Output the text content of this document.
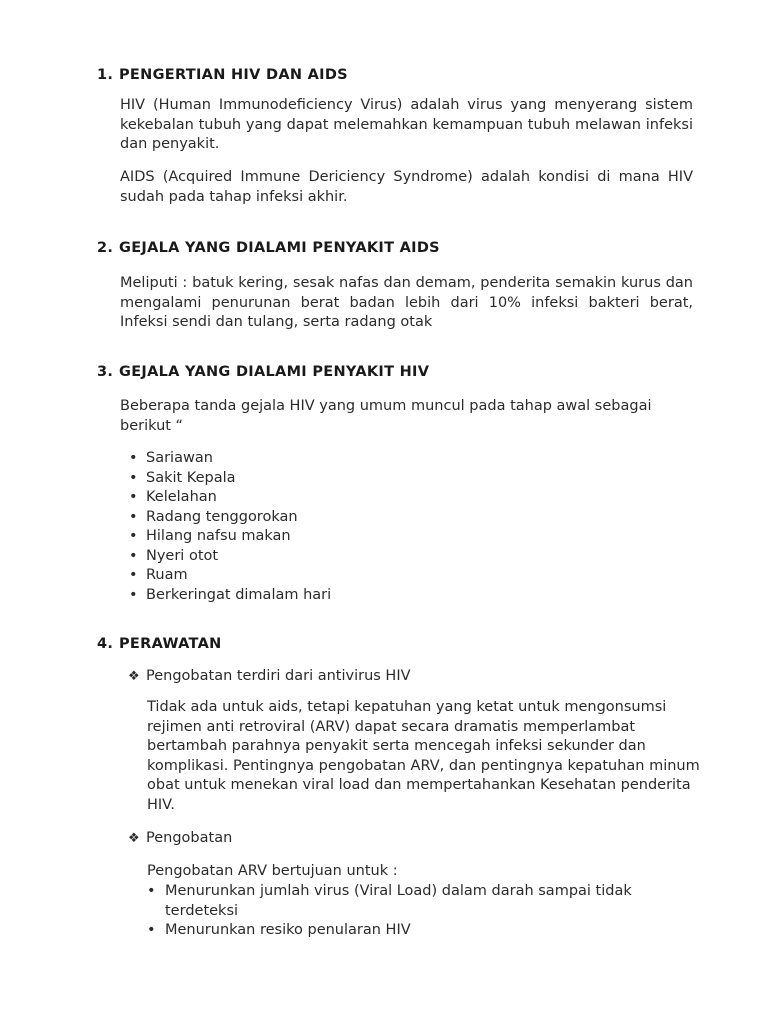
1. PENGERTIAN HIV DAN AIDS

HIV (Human Immunodeficiency Virus) adalah virus yang menyerang sistem kekebalan tubuh yang dapat melemahkan kemampuan tubuh melawan infeksi dan penyakit.

AIDS (Acquired Immune Dericiency Syndrome) adalah kondisi di mana HIV sudah pada tahap infeksi akhir.

2. GEJALA YANG DIALAMI PENYAKIT AIDS

Meliputi : batuk kering, sesak nafas dan demam, penderita semakin kurus dan mengalami penurunan berat badan lebih dari 10% infeksi bakteri berat, Infeksi sendi dan tulang, serta radang otak

3. GEJALA YANG DIALAMI PENYAKIT HIV

Beberapa tanda gejala HIV yang umum muncul pada tahap awal sebagai berikut “

• Sariawan
• Sakit Kepala
• Kelelahan
• Radang tenggorokan
• Hilang nafsu makan
• Nyeri otot
• Ruam
• Berkeringat dimalam hari
4. PERAWATAN
❖ Pengobatan terdiri dari antivirus HIV

Tidak ada untuk aids, tetapi kepatuhan yang ketat untuk mengonsumsi rejimen anti retroviral (ARV) dapat secara dramatis memperlambat bertambah parahnya penyakit serta mencegah infeksi sekunder dan komplikasi. Pentingnya pengobatan ARV, dan pentingnya kepatuhan minum obat untuk menekan viral load dan mempertahankan Kesehatan penderita HIV.

❖ Pengobatan

Pengobatan ARV bertujuan untuk :

• Menurunkan jumlah virus (Viral Load) dalam darah sampai tidak terdeteksi
• Menurunkan resiko penularan HIV
